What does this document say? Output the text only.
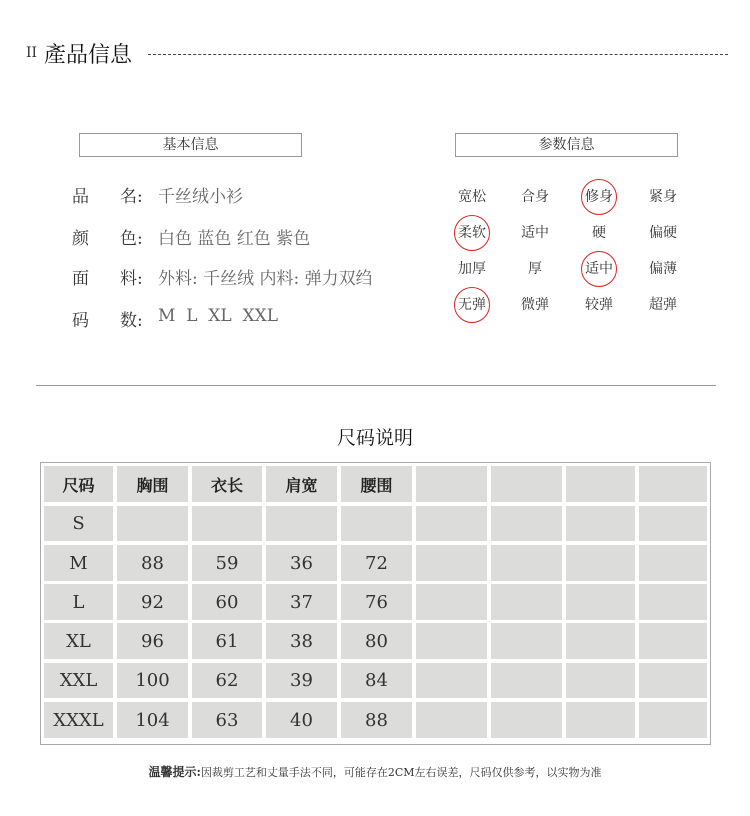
II 產品信息
基本信息	参数信息
品	名: 千丝绒小衫
颜	色: 白色 蓝色 红色 紫色
面	料: 外料: 千丝绒 内料: 弹力双绉
码	数: M  L  XL  XXL
宽松	合身	修身	紧身
柔软	适中	硬	偏硬
加厚	厚	适中	偏薄
无弹	微弹	较弹	超弹
尺码说明
尺码	胸围	衣长	肩宽	腰围
S
M	88	59	36	72
L	92	60	37	76
XL	96	61	38	80
XXL	100	62	39	84
XXXL	104	63	40	88
温馨提示:因裁剪工艺和丈量手法不同，可能存在2CM左右误差，尺码仅供参考，以实物为准
